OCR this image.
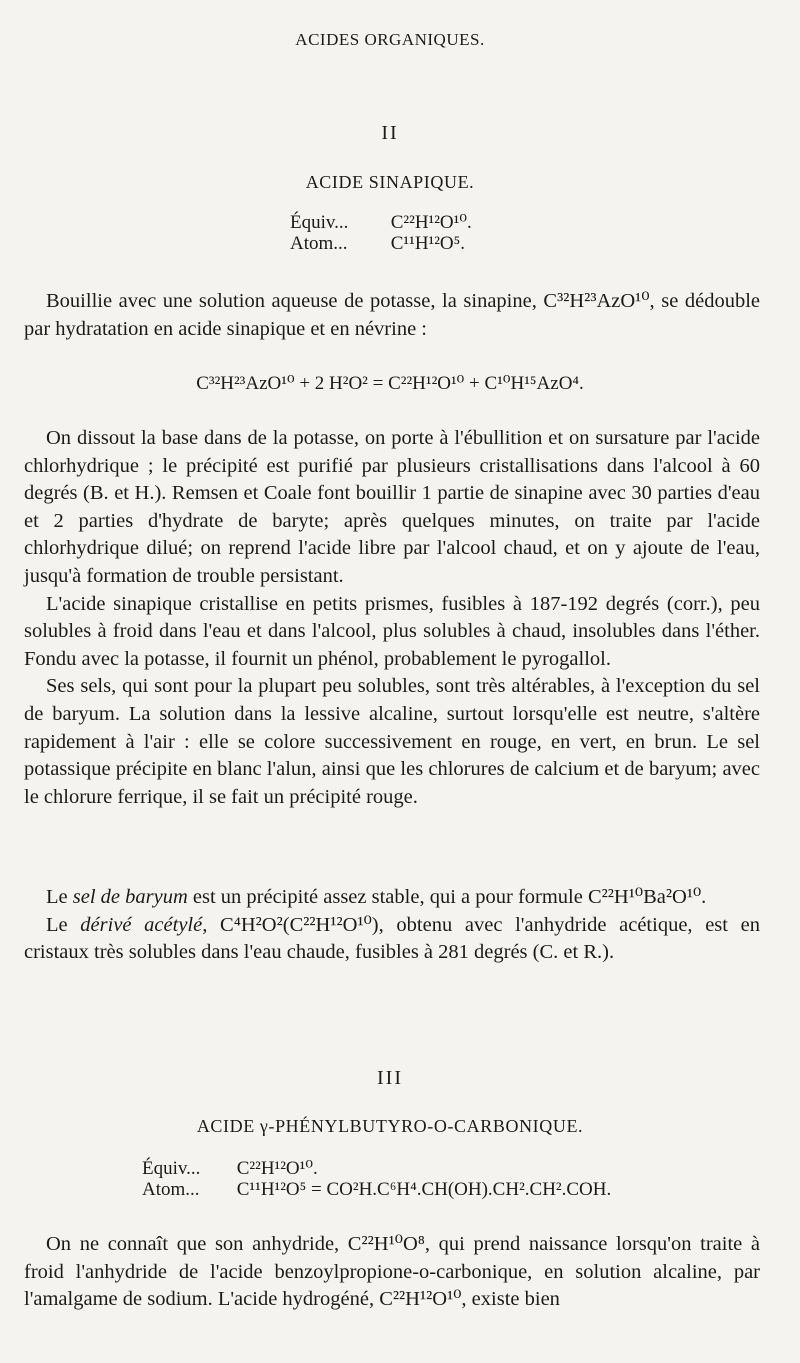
ACIDES ORGANIQUES.
II
ACIDE SINAPIQUE.
Équiv... C²²H¹²O¹⁰.
Atom... C¹¹H¹²O⁵.

Bouillie avec une solution aqueuse de potasse, la sinapine, C³²H²³AzO¹⁰, se dédouble par hydratation en acide sinapique et en névrine :

C³²H²³AzO¹⁰ + 2 H²O² = C²²H¹²O¹⁰ + C¹⁰H¹⁵AzO⁴.

On dissout la base dans de la potasse, on porte à l'ébullition et on sursature par l'acide chlorhydrique ; le précipité est purifié par plusieurs cristallisations dans l'alcool à 60 degrés (B. et H.). Remsen et Coale font bouillir 1 partie de sinapine avec 30 parties d'eau et 2 parties d'hydrate de baryte; après quelques minutes, on traite par l'acide chlorhydrique dilué; on reprend l'acide libre par l'alcool chaud, et on y ajoute de l'eau, jusqu'à formation de trouble persistant.

L'acide sinapique cristallise en petits prismes, fusibles à 187-192 degrés (corr.), peu solubles à froid dans l'eau et dans l'alcool, plus solubles à chaud, insolubles dans l'éther. Fondu avec la potasse, il fournit un phénol, probablement le pyrogallol.

Ses sels, qui sont pour la plupart peu solubles, sont très altérables, à l'exception du sel de baryum. La solution dans la lessive alcaline, surtout lorsqu'elle est neutre, s'altère rapidement à l'air : elle se colore successivement en rouge, en vert, en brun. Le sel potassique précipite en blanc l'alun, ainsi que les chlorures de calcium et de baryum; avec le chlorure ferrique, il se fait un précipité rouge.

Le sel de baryum est un précipité assez stable, qui a pour formule C²²H¹⁰Ba²O¹⁰.

Le dérivé acétylé, C⁴H²O²(C²²H¹²O¹⁰), obtenu avec l'anhydride acétique, est en cristaux très solubles dans l'eau chaude, fusibles à 281 degrés (C. et R.).

III
ACIDE γ-PHÉNYLBUTYRO-O-CARBONIQUE.
Équiv... C²²H¹²O¹⁰.
Atom... C¹¹H¹²O⁵ = CO²H.C⁶H⁴.CH(OH).CH².CH².COH.

On ne connaît que son anhydride, C²²H¹⁰O⁸, qui prend naissance lorsqu'on traite à froid l'anhydride de l'acide benzoylpropione-o-carbonique, en solution alcaline, par l'amalgame de sodium. L'acide hydrogéné, C²²H¹²O¹⁰, existe bien
